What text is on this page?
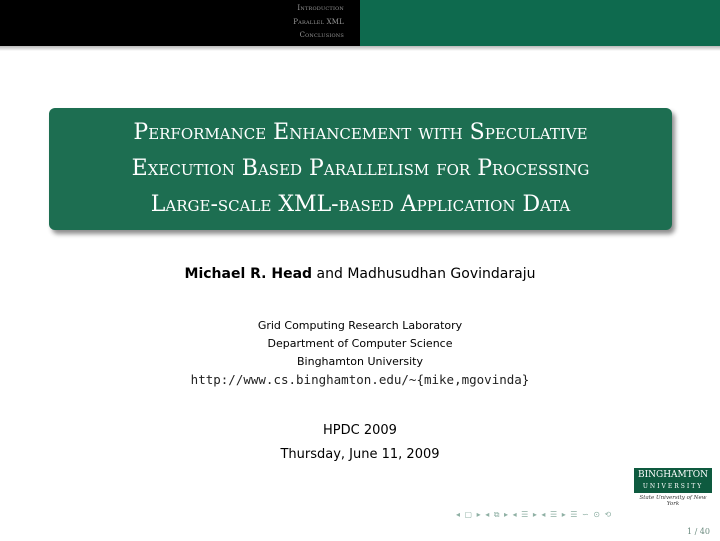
Introduction
Parallel XML
Conclusions
Performance Enhancement with Speculative
Execution Based Parallelism for Processing
Large-scale XML-based Application Data
Michael R. Head and Madhusudhan Govindaraju
Grid Computing Research Laboratory
Department of Computer Science
Binghamton University
http://www.cs.binghamton.edu/~{mike,mgovinda}
HPDC 2009
Thursday, June 11, 2009
BINGHAMTON
UNIVERSITY
State University of New York
◂ ▢ ▸ ◂ ⧉ ▸ ◂ ☰ ▸ ◂ ☰ ▸ ☰ ∽ ⊙ ⟲
1 / 40
